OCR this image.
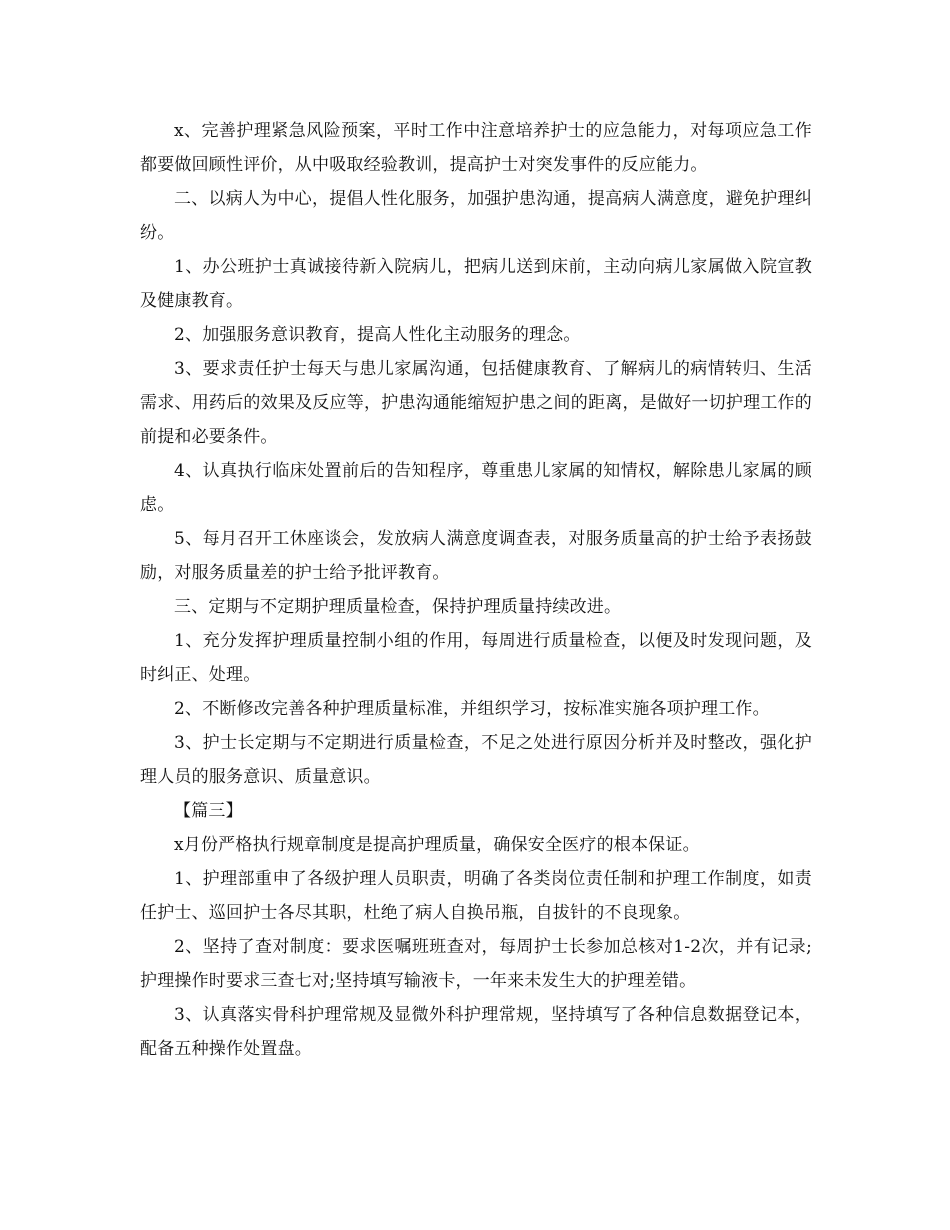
x、完善护理紧急风险预案，平时工作中注意培养护士的应急能力，对每项应急工作都要做回顾性评价，从中吸取经验教训，提高护士对突发事件的反应能力。

二、以病人为中心，提倡人性化服务，加强护患沟通，提高病人满意度，避免护理纠纷。

1、办公班护士真诚接待新入院病儿，把病儿送到床前，主动向病儿家属做入院宣教及健康教育。

2、加强服务意识教育，提高人性化主动服务的理念。

3、要求责任护士每天与患儿家属沟通，包括健康教育、了解病儿的病情转归、生活需求、用药后的效果及反应等，护患沟通能缩短护患之间的距离，是做好一切护理工作的前提和必要条件。

4、认真执行临床处置前后的告知程序，尊重患儿家属的知情权，解除患儿家属的顾虑。

5、每月召开工休座谈会，发放病人满意度调查表，对服务质量高的护士给予表扬鼓励，对服务质量差的护士给予批评教育。

三、定期与不定期护理质量检查，保持护理质量持续改进。

1、充分发挥护理质量控制小组的作用，每周进行质量检查，以便及时发现问题，及时纠正、处理。

2、不断修改完善各种护理质量标准，并组织学习，按标准实施各项护理工作。

3、护士长定期与不定期进行质量检查，不足之处进行原因分析并及时整改，强化护理人员的服务意识、质量意识。

【篇三】

x月份严格执行规章制度是提高护理质量，确保安全医疗的根本保证。

1、护理部重申了各级护理人员职责，明确了各类岗位责任制和护理工作制度，如责任护士、巡回护士各尽其职，杜绝了病人自换吊瓶，自拔针的不良现象。

2、坚持了查对制度：要求医嘱班班查对，每周护士长参加总核对1-2次，并有记录;护理操作时要求三查七对;坚持填写输液卡，一年来未发生大的护理差错。

3、认真落实骨科护理常规及显微外科护理常规，坚持填写了各种信息数据登记本，配备五种操作处置盘。
